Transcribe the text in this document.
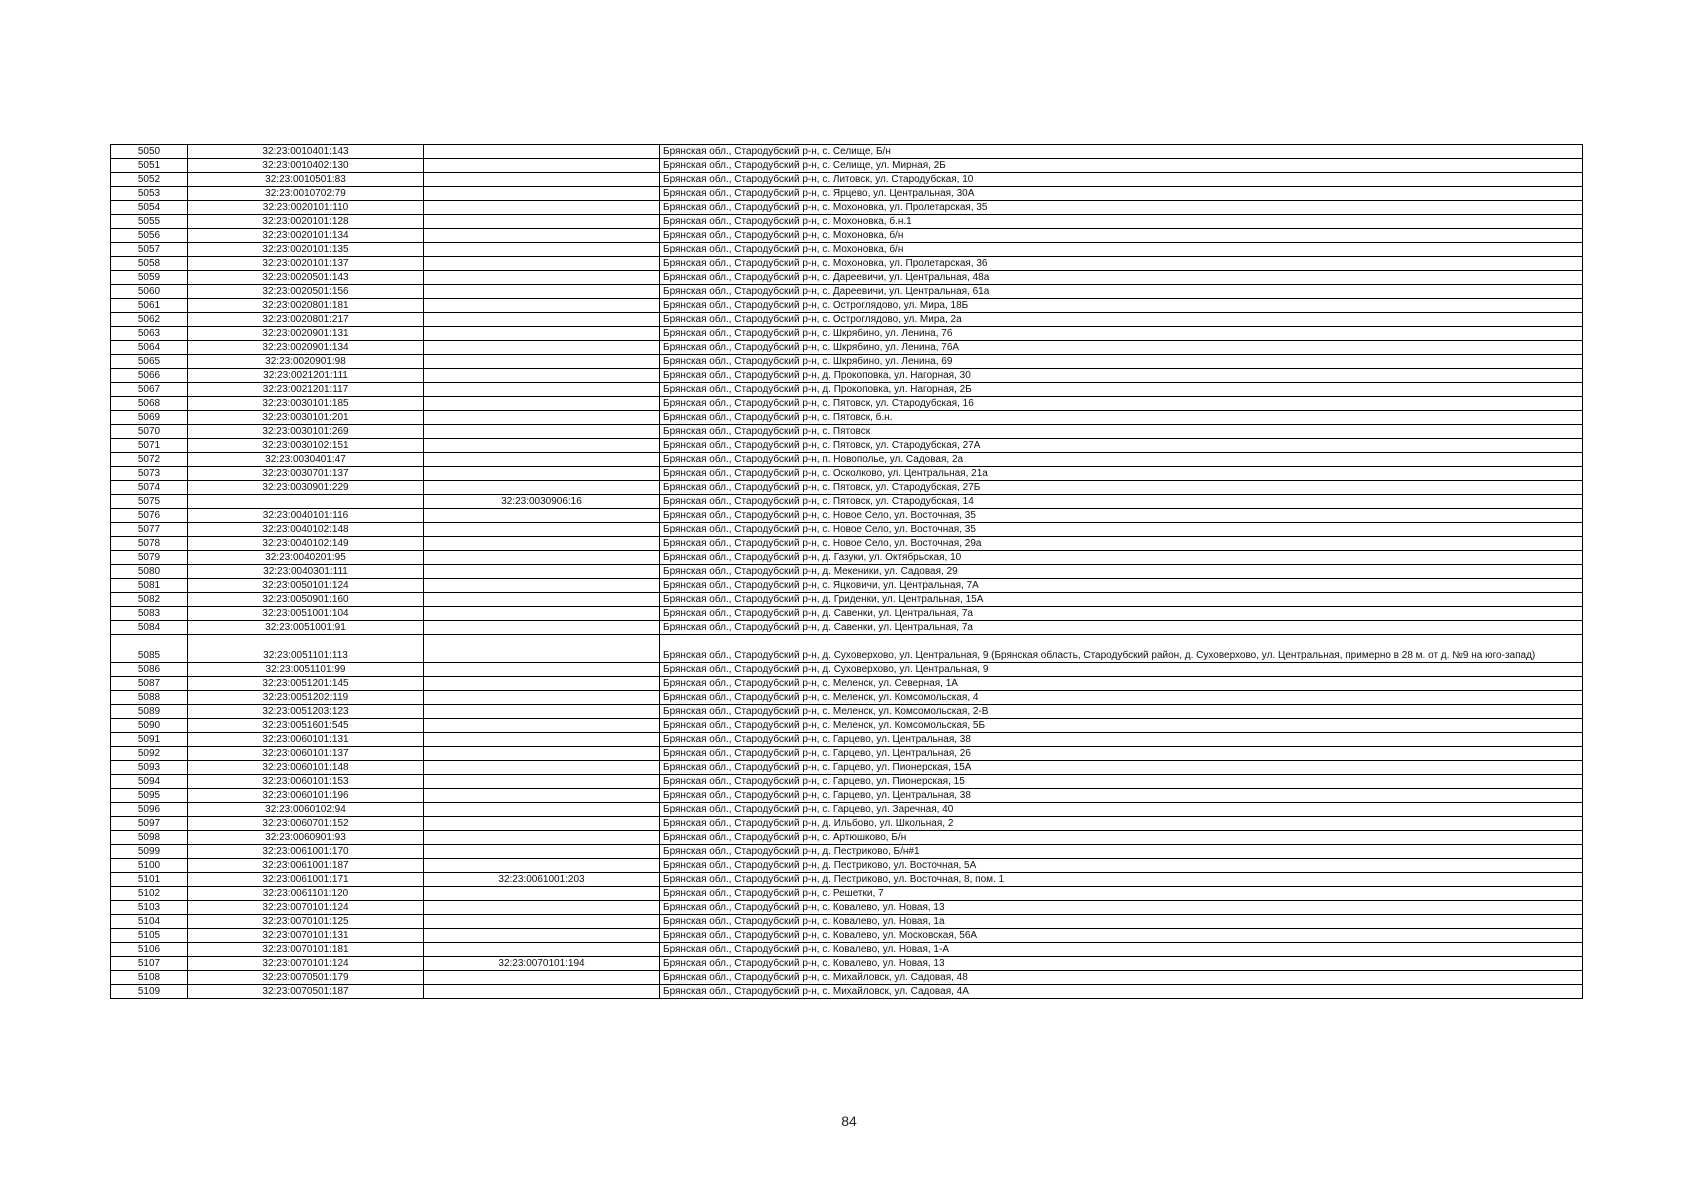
5050	32:23:0010401:143		Брянская обл., Стародубский р-н, с. Селище, Б/н
5051	32:23:0010402:130		Брянская обл., Стародубский р-н, с. Селище, ул. Мирная, 2Б
5052	32:23:0010501:83		Брянская обл., Стародубский р-н, с. Литовск, ул. Стародубская, 10
5053	32:23:0010702:79		Брянская обл., Стародубский р-н, с. Ярцево, ул. Центральная, 30А
5054	32:23:0020101:110		Брянская обл., Стародубский р-н, с. Мохоновка, ул. Пролетарская, 35
5055	32:23:0020101:128		Брянская обл., Стародубский р-н, с. Мохоновка, б.н.1
5056	32:23:0020101:134		Брянская обл., Стародубский р-н, с. Мохоновка, б/н
5057	32:23:0020101:135		Брянская обл., Стародубский р-н, с. Мохоновка, б/н
5058	32:23:0020101:137		Брянская обл., Стародубский р-н, с. Мохоновка, ул. Пролетарская, 36
5059	32:23:0020501:143		Брянская обл., Стародубский р-н, с. Дареевичи, ул. Центральная, 48а
5060	32:23:0020501:156		Брянская обл., Стародубский р-н, с. Дареевичи, ул. Центральная, 61а
5061	32:23:0020801:181		Брянская обл., Стародубский р-н, с. Остроглядово, ул. Мира, 18Б
5062	32:23:0020801:217		Брянская обл., Стародубский р-н, с. Остроглядово, ул. Мира, 2а
5063	32:23:0020901:131		Брянская обл., Стародубский р-н, с. Шкрябино, ул. Ленина, 76
5064	32:23:0020901:134		Брянская обл., Стародубский р-н, с. Шкрябино, ул. Ленина, 76А
5065	32:23:0020901:98		Брянская обл., Стародубский р-н, с. Шкрябино, ул. Ленина, 69
5066	32:23:0021201:111		Брянская обл., Стародубский р-н, д. Прокоповка, ул. Нагорная, 30
5067	32:23:0021201:117		Брянская обл., Стародубский р-н, д. Прокоповка, ул. Нагорная, 2Б
5068	32:23:0030101:185		Брянская обл., Стародубский р-н, с. Пятовск, ул. Стародубская, 16
5069	32:23:0030101:201		Брянская обл., Стародубский р-н, с. Пятовск, б.н.
5070	32:23:0030101:269		Брянская обл., Стародубский р-н, с. Пятовск
5071	32:23:0030102:151		Брянская обл., Стародубский р-н, с. Пятовск, ул. Стародубская, 27А
5072	32:23:0030401:47		Брянская обл., Стародубский р-н, п. Новополье, ул. Садовая, 2а
5073	32:23:0030701:137		Брянская обл., Стародубский р-н, с. Осколково, ул. Центральная, 21а
5074	32:23:0030901:229		Брянская обл., Стародубский р-н, с. Пятовск, ул. Стародубская, 27Б
5075		32:23:0030906:16	Брянская обл., Стародубский р-н, с. Пятовск, ул. Стародубская, 14
5076	32:23:0040101:116		Брянская обл., Стародубский р-н, с. Новое Село, ул. Восточная, 35
5077	32:23:0040102:148		Брянская обл., Стародубский р-н, с. Новое Село, ул. Восточная, 35
5078	32:23:0040102:149		Брянская обл., Стародубский р-н, с. Новое Село, ул. Восточная, 29а
5079	32:23:0040201:95		Брянская обл., Стародубский р-н, д. Газуки, ул. Октябрьская, 10
5080	32:23:0040301:111		Брянская обл., Стародубский р-н, д. Мекеники, ул. Садовая, 29
5081	32:23:0050101:124		Брянская обл., Стародубский р-н, с. Яцковичи, ул. Центральная, 7А
5082	32:23:0050901:160		Брянская обл., Стародубский р-н, д. Гриденки, ул. Центральная, 15А
5083	32:23:0051001:104		Брянская обл., Стародубский р-н, д. Савенки, ул. Центральная, 7а
5084	32:23:0051001:91		Брянская обл., Стародубский р-н, д. Савенки, ул. Центральная, 7а
5085	32:23:0051101:113		Брянская обл., Стародубский р-н, д. Суховерхово, ул. Центральная, 9 (Брянская область, Стародубский район, д. Суховерхово, ул. Центральная, примерно в 28 м. от д. №9 на юго-запад)
5086	32:23:0051101:99		Брянская обл., Стародубский р-н, д. Суховерхово, ул. Центральная, 9
5087	32:23:0051201:145		Брянская обл., Стародубский р-н, с. Меленск, ул. Северная, 1А
5088	32:23:0051202:119		Брянская обл., Стародубский р-н, с. Меленск, ул. Комсомольская, 4
5089	32:23:0051203:123		Брянская обл., Стародубский р-н, с. Меленск, ул. Комсомольская, 2-В
5090	32:23:0051601:545		Брянская обл., Стародубский р-н, с. Меленск, ул. Комсомольская, 5Б
5091	32:23:0060101:131		Брянская обл., Стародубский р-н, с. Гарцево, ул. Центральная, 38
5092	32:23:0060101:137		Брянская обл., Стародубский р-н, с. Гарцево, ул. Центральная, 26
5093	32:23:0060101:148		Брянская обл., Стародубский р-н, с. Гарцево, ул. Пионерская, 15А
5094	32:23:0060101:153		Брянская обл., Стародубский р-н, с. Гарцево, ул. Пионерская, 15
5095	32:23:0060101:196		Брянская обл., Стародубский р-н, с. Гарцево, ул. Центральная, 38
5096	32:23:0060102:94		Брянская обл., Стародубский р-н, с. Гарцево, ул. Заречная, 40
5097	32:23:0060701:152		Брянская обл., Стародубский р-н, д. Ильбово, ул. Школьная, 2
5098	32:23:0060901:93		Брянская обл., Стародубский р-н, с. Артюшково, Б/н
5099	32:23:0061001:170		Брянская обл., Стародубский р-н, д. Пестриково, Б/н#1
5100	32:23:0061001:187		Брянская обл., Стародубский р-н, д. Пестриково, ул. Восточная, 5А
5101	32:23:0061001:171	32:23:0061001:203	Брянская обл., Стародубский р-н, д. Пестриково, ул. Восточная, 8, пом. 1
5102	32:23:0061101:120		Брянская обл., Стародубский р-н, с. Решетки, 7
5103	32:23:0070101:124		Брянская обл., Стародубский р-н, с. Ковалево, ул. Новая, 13
5104	32:23:0070101:125		Брянская обл., Стародубский р-н, с. Ковалево, ул. Новая, 1а
5105	32:23:0070101:131		Брянская обл., Стародубский р-н, с. Ковалево, ул. Московская, 56А
5106	32:23:0070101:181		Брянская обл., Стародубский р-н, с. Ковалево, ул. Новая, 1-А
5107	32:23:0070101:124	32:23:0070101:194	Брянская обл., Стародубский р-н, с. Ковалево, ул. Новая, 13
5108	32:23:0070501:179		Брянская обл., Стародубский р-н, с. Михайловск, ул. Садовая, 48
5109	32:23:0070501:187		Брянская обл., Стародубский р-н, с. Михайловск, ул. Садовая, 4А
84
